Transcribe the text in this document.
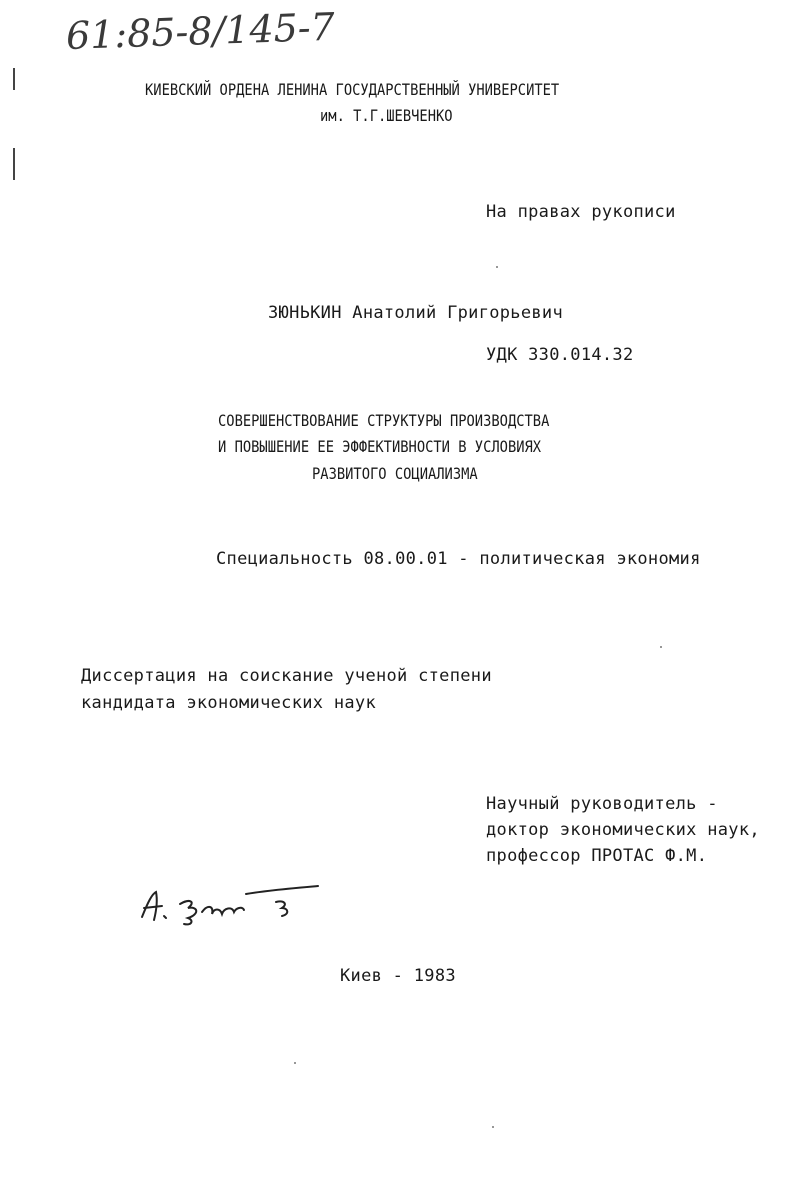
61:85-8/145-7
КИЕВСКИЙ ОРДЕНА ЛЕНИНА ГОСУДАРСТВЕННЫЙ УНИВЕРСИТЕТ
им. Т.Г.ШЕВЧЕНКО
На правах рукописи
ЗЮНЬКИН Анатолий Григорьевич
УДК 330.014.32
СОВЕРШЕНСТВОВАНИЕ СТРУКТУРЫ ПРОИЗВОДСТВА
И ПОВЫШЕНИЕ ЕЕ ЭФФЕКТИВНОСТИ В УСЛОВИЯХ
РАЗВИТОГО СОЦИАЛИЗМА
Специальность 08.00.01 - политическая экономия
Диссертация на соискание ученой степени
кандидата экономических наук
Научный руководитель -
доктор экономических наук,
профессор ПРОТАС Ф.М.
Киев - 1983
